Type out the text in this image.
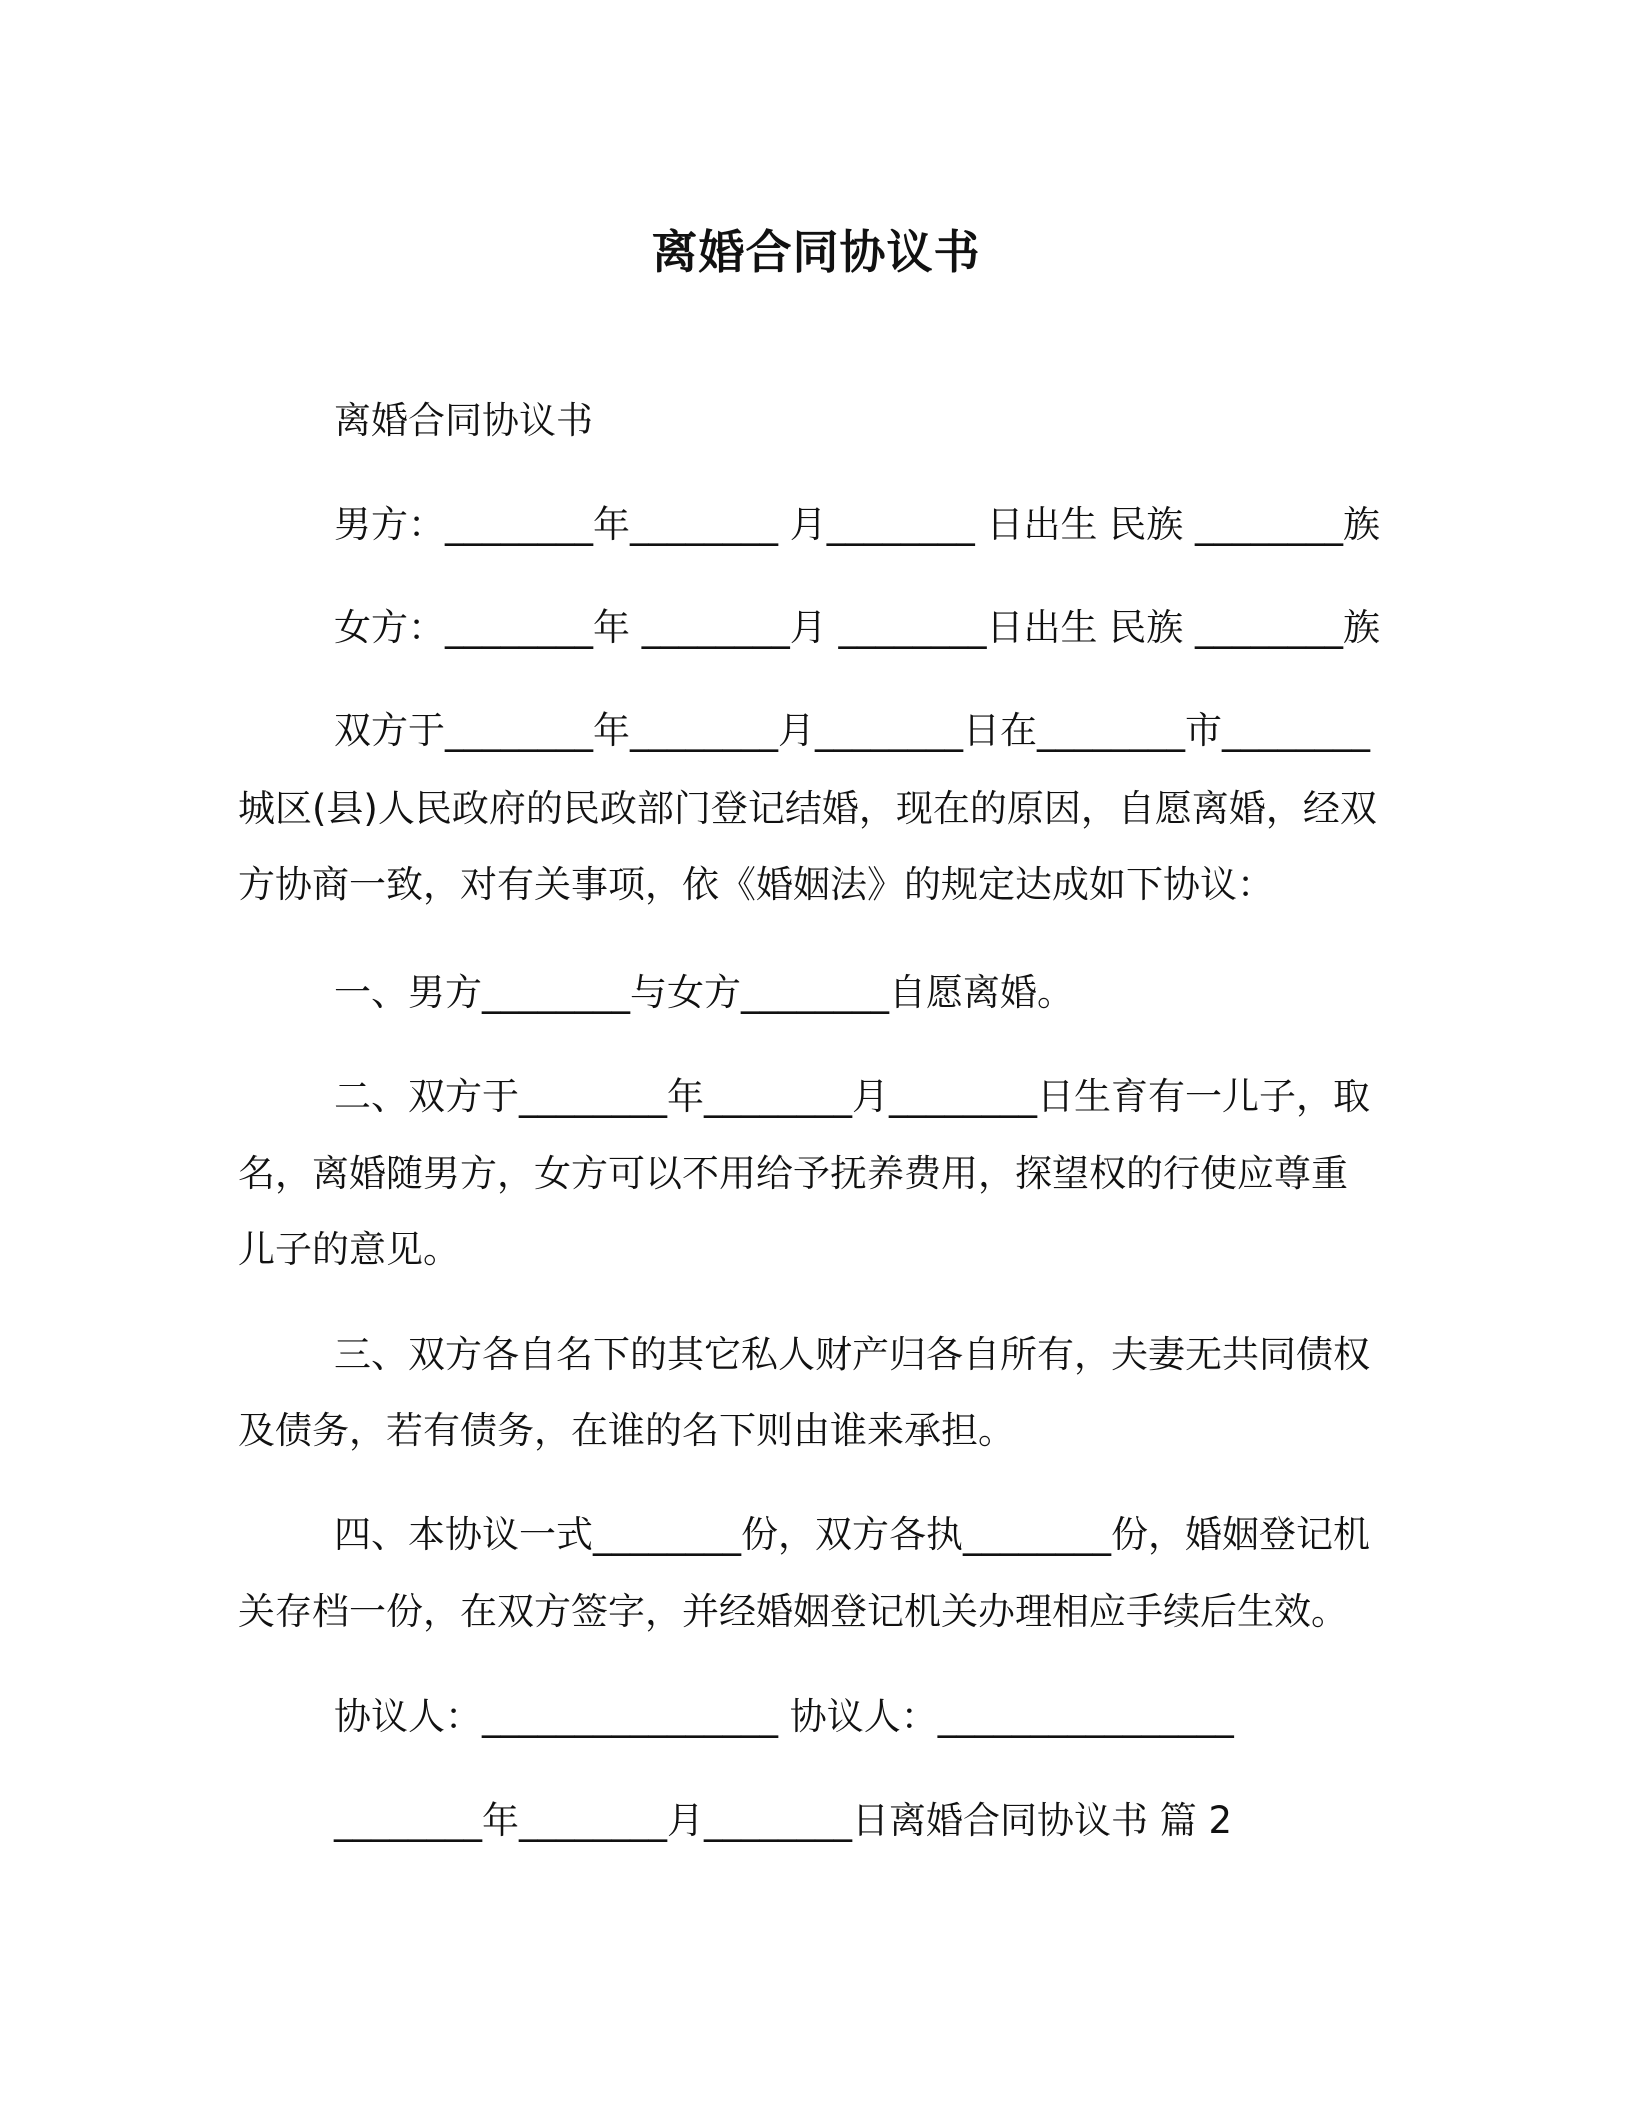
离婚合同协议书
离婚合同协议书
男方：________年________ 月________ 日出生 民族 ________族
女方：________年 ________月 ________日出生 民族 ________族
双方于________年________月________日在________市________
城区(县)人民政府的民政部门登记结婚，现在的原因，自愿离婚，经双
方协商一致，对有关事项，依《婚姻法》的规定达成如下协议：
一、男方________与女方________自愿离婚。
二、双方于________年________月________日生育有一儿子，取
名，离婚随男方，女方可以不用给予抚养费用，探望权的行使应尊重
儿子的意见。
三、双方各自名下的其它私人财产归各自所有，夫妻无共同债权
及债务，若有债务，在谁的名下则由谁来承担。
四、本协议一式________份，双方各执________份，婚姻登记机
关存档一份，在双方签字，并经婚姻登记机关办理相应手续后生效。
协议人：________________ 协议人：________________
________年________月________日离婚合同协议书 篇 2
